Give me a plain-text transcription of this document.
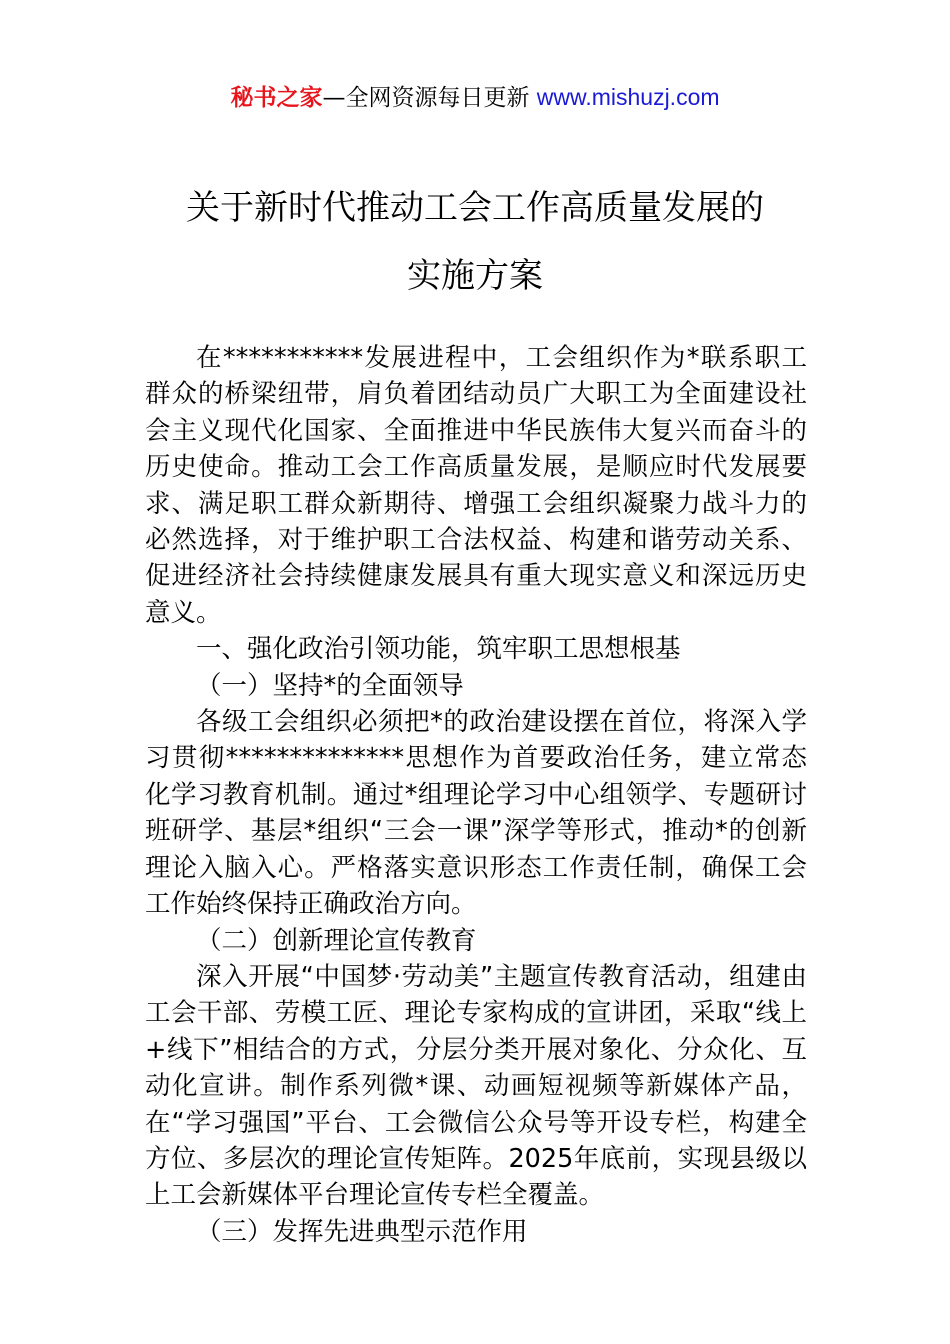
秘书之家—全网资源每日更新 www.mishuzj.com
关于新时代推动工会工作高质量发展的
实施方案

在***********发展进程中，工会组织作为*联系职工群众的桥梁纽带，肩负着团结动员广大职工为全面建设社会主义现代化国家、全面推进中华民族伟大复兴而奋斗的历史使命。推动工会工作高质量发展，是顺应时代发展要求、满足职工群众新期待、增强工会组织凝聚力战斗力的必然选择，对于维护职工合法权益、构建和谐劳动关系、促进经济社会持续健康发展具有重大现实意义和深远历史意义。

一、强化政治引领功能，筑牢职工思想根基

（一）坚持*的全面领导

各级工会组织必须把*的政治建设摆在首位，将深入学习贯彻**************思想作为首要政治任务，建立常态化学习教育机制。通过*组理论学习中心组领学、专题研讨班研学、基层*组织“三会一课”深学等形式，推动*的创新理论入脑入心。严格落实意识形态工作责任制，确保工会工作始终保持正确政治方向。

（二）创新理论宣传教育

深入开展“中国梦·劳动美”主题宣传教育活动，组建由工会干部、劳模工匠、理论专家构成的宣讲团，采取“线上+线下”相结合的方式，分层分类开展对象化、分众化、互动化宣讲。制作系列微*课、动画短视频等新媒体产品，在“学习强国”平台、工会微信公众号等开设专栏，构建全方位、多层次的理论宣传矩阵。2025年底前，实现县级以上工会新媒体平台理论宣传专栏全覆盖。

（三）发挥先进典型示范作用
